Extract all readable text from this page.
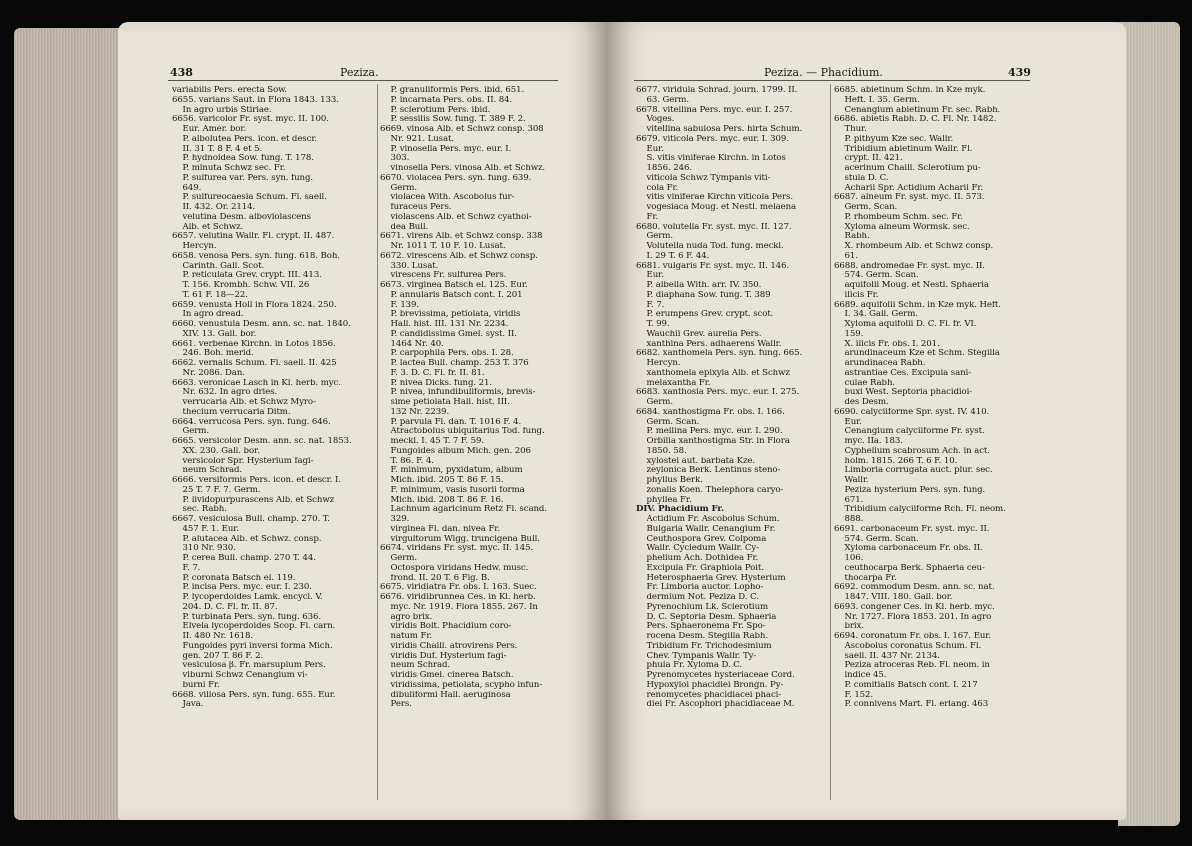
438	Peziza.
variabilis Pers. erecta Sow.
6655. varians Saut. in Flora 1843. 133.
In agro urbis Stiriae.
6656. varicolor Fr. syst. myc. II. 100.
Eur. Amer. bor.
P. albolutea Pers. icon. et descr.
II. 31 T. 8 F. 4 et 5.
P. hydnoidea Sow. fung. T. 178.
P. minuta Schwz sec. Fr.
P. sulfurea var. Pers. syn. fung.
649.
P. sulfureocaesia Schum. Fl. saell.
II. 432. Or. 2114.
velutina Desm. alboviolascens
Alb. et Schwz.
6657. velutina Wallr. Fl. crypt. II. 487.
Hercyn.
6658. venosa Pers. syn. fung. 618. Boh.
Carinth. Gall. Scot.
P. reticulata Grev. crypt. III. 413.
T. 156. Krombh. Schw. VII. 26
T. 61 F. 18—22.
6659. venusta Holl in Flora 1824. 250.
In agro dread.
6660. venustula Desm. ann. sc. nat. 1840.
XIV. 13. Gall. bor.
6661. verbenae Kirchn. in Lotos 1856.
246. Boh. merid.
6662. vernalis Schum. Fl. saell. II. 425
Nr. 2086. Dan.
6663. veronicae Lasch in Kl. herb. myc.
Nr. 632. In agro dries.
verrucaria Alb. et Schwz Myro-
thecium verrucaria Ditm.
6664. verrucosa Pers. syn. fung. 646.
Germ.
6665. versicolor Desm. ann. sc. nat. 1853.
XX. 230. Gall. bor.
versicolor Spr. Hysterium fagi-
neum Schrad.
6666. versiformis Pers. icon. et descr. I.
25 T. 7 F. 7. Germ.
P. lividopurpurascens Alb. et Schwz
sec. Rabh.
6667. vesiculosa Bull. champ. 270. T.
457 F. 1. Eur.
P. alutacea Alb. et Schwz. consp.
310 Nr. 930.
P. cerea Bull. champ. 270 T. 44.
F. 7.
P. coronata Batsch el. 119.
P. incisa Pers. myc. eur. I. 230.
P. lycoperdoides Lamk. encycl. V.
204. D. C. Fl. fr. II. 87.
P. turbinata Pers. syn. fung. 636.
Elvela lycoperdoides Scop. Fl. carn.
II. 480 Nr. 1618.
Fungoides pyri inversi forma Mich.
gen. 207 T. 86 F. 2.
vesiculosa β. Fr. marsupium Pers.
viburni Schwz Cenangium vi-
burni Fr.
6668. villosa Pers. syn. fung. 655. Eur.
Java.
P. granuliformis Pers. ibid. 651.
P. incarnata Pers. obs. II. 84.
P. sclerotium Pers. ibid.
P. sessilis Sow. fung. T. 389 F. 2.
6669. vinosa Alb. et Schwz consp. 308
Nr. 921. Lusat.
P. vinosella Pers. myc. eur. I.
303.
vinosella Pers. vinosa Alb. et Schwz.
6670. violacea Pers. syn. fung. 639.
Germ.
violacea With. Ascobolus fur-
furaceus Pers.
violascens Alb. et Schwz cyathoi-
dea Bull.
6671. virens Alb. et Schwz consp. 338
Nr. 1011 T. 10 F. 10. Lusat.
6672. virescens Alb. et Schwz consp.
330. Lusat.
virescens Fr. sulfurea Pers.
6673. virginea Batsch el. 125. Eur.
P. annularis Batsch cont. I. 201
F. 139.
P. brevissima, petiolata, viridis
Hall. hist. III. 131 Nr. 2234.
P. candidissima Gmel. syst. II.
1464 Nr. 40.
P. carpophila Pers. obs. I. 28.
P. lactea Bull. champ. 253 T. 376
F. 3. D. C. Fl. fr. II. 81.
P. nivea Dicks. fung. 21.
P. nivea, infundibuliformis, brevis-
sime petiolata Hall. hist. III.
132 Nr. 2239.
P. parvula Fl. dan. T. 1016 F. 4.
Atractobolus ubiquitarius Tod. fung.
meckl. I. 45 T. 7 F. 59.
Fungoides album Mich. gen. 206
T. 86. F. 4.
F. minimum, pyxidatum, album
Mich. ibid. 205 T. 86 F. 15.
F. minimum, vasis fusorii forma
Mich. ibid. 208 T. 86 F. 16.
Lachnum agaricinum Retz Fl. scand.
329.
virginea Fl. dan. nivea Fr.
virgultorum Wigg. truncigena Bull.
6674. viridans Fr. syst. myc. II. 145.
Germ.
Octospora viridans Hedw. musc.
frond. II. 20 T. 6 Fig. B.
6675. viridiatra Fr. obs. I. 163. Suec.
6676. viridibrunnea Ces. in Kl. herb.
myc. Nr. 1919. Flora 1855. 267. In
agro brix.
viridis Bolt. Phacidium coro-
natum Fr.
viridis Chaill. atrovirens Pers.
viridis Duf. Hysterium fagi-
neum Schrad.
viridis Gmel. cinerea Batsch.
viridissima, petiolata, scypho infun-
dibuliformi Hall. aeruginosa
Pers.
Peziza. — Phacidium.	439
6677. viridula Schrad. journ. 1799. II.
63. Germ.
6678. vitellina Pers. myc. eur. I. 257.
Voges.
vitellina sabulosa Pers. hirta Schum.
6679. viticola Pers. myc. eur. I. 309.
Eur.
S. vitis viniferae Kirchn. in Lotos
1856. 246.
viticola Schwz Tympanis viti-
cola Fr.
vitis viniferae Kirchn viticola Pers.
vogesiaca Moug. et Nestl. melaena
Fr.
6680. volutella Fr. syst. myc. II. 127.
Germ.
Volutella nuda Tod. fung. meckl.
I. 29 T. 6 F. 44.
6681. vulgaris Fr. syst. myc. II. 146.
Eur.
P. albella With. arr. IV. 350.
P. diaphana Sow. fung. T. 389
F. 7.
P. erumpens Grev. crypt. scot.
T. 99.
Wauchii Grev. aurelia Pers.
xanthina Pers. adhaerens Wallr.
6682. xanthomela Pers. syn. fung. 665.
Hercyn.
xanthomela epixyla Alb. et Schwz
melaxantha Fr.
6683. xanthosia Pers. myc. eur. I. 275.
Germ.
6684. xanthostigma Fr. obs. I. 166.
Germ. Scan.
P. mellina Pers. myc. eur. I. 290.
Orbilia xanthostigma Str. in Flora
1850. 58.
xylostei aut. barbata Kze.
zeylonica Berk. Lentinus steno-
phyllus Berk.
zonalis Koen. Thelephora caryo-
phyllea Fr.
DIV. Phacidium Fr.
Actidium Fr. Ascobolus Schum.
Bulgaria Wallr. Cenangium Fr.
Ceuthospora Grev. Colpoma
Wallr. Cycledum Wallr. Cy-
phelium Ach. Dothidea Fr.
Excipula Fr. Graphiola Poit.
Heterosphaeria Grev. Hysterium
Fr. Limboria auctor. Lopho-
dermium Not. Peziza D. C.
Pyrenochium Lk. Sclerotium
D. C. Septoria Desm. Sphaeria
Pers. Sphaeronema Fr. Spo-
rocena Desm. Stegilla Rabh.
Tribidium Fr. Trichodesmium
Chev. Tympanis Wallr. Ty-
phula Fr. Xyloma D. C.
Pyrenomycetes hysteriaceae Cord.
Hypoxyloi phacidiei Brongn. Py-
renomycetes phacidiacei phaci-
diei Fr. Ascophori phacidiaceae M.
6685. abietinum Schm. in Kze myk.
Heft. I. 35. Germ.
Cenangium abietinum Fr. sec. Rabh.
6686. abietis Rabh. D. C. Fl. Nr. 1482.
Thur.
P. pithyum Kze sec. Wallr.
Tribidium abietinum Wallr. Fl.
crypt. II. 421.
acerinum Chaill. Sclerotium pu-
stula D. C.
Acharii Spr. Actidium Acharii Fr.
6687. alneum Fr. syst. myc. II. 573.
Germ. Scan.
P. rhombeum Schm. sec. Fr.
Xyloma alneum Wormsk. sec.
Rabh.
X. rhombeum Alb. et Schwz consp.
61.
6688. andromedae Fr. syst. myc. II.
574. Germ. Scan.
aquifolii Moug. et Nestl. Sphaeria
ilicis Fr.
6689. aquifolii Schm. in Kze myk. Heft.
I. 34. Gall. Germ.
Xyloma aquifolii D. C. Fl. fr. VI.
159.
X. ilicis Fr. obs. I. 201.
arundinaceum Kze et Schm. Stegilla
arundinacea Rabh.
astrantiae Ces. Excipula sani-
culae Rabh.
buxi West. Septoria phacidioi-
des Desm.
6690. calyciiforme Spr. syst. IV. 410.
Eur.
Cenangium calyciiforme Fr. syst.
myc. IIa. 183.
Cyphelium scabrosum Ach. in act.
holm. 1815. 266 T. 6 F. 10.
Limboria corrugata auct. plur. sec.
Wallr.
Peziza hysterium Pers. syn. fung.
671.
Tribidium calyciiforme Rch. Fl. neom.
888.
6691. carbonaceum Fr. syst. myc. II.
574. Germ. Scan.
Xyloma carbonaceum Fr. obs. II.
106.
ceuthocarpa Berk. Sphaeria ceu-
thocarpa Fr.
6692. commodum Desm. ann. sc. nat.
1847. VIII. 180. Gall. bor.
6693. congener Ces. in Kl. herb. myc.
Nr. 1727. Flora 1853. 201. In agro
brix.
6694. coronatum Fr. obs. I. 167. Eur.
Ascobolus coronatus Schum. Fl.
saell. II. 437 Nr. 2134.
Peziza atroceras Reb. Fl. neom. in
indice 45.
P. comitialis Batsch cont. I. 217
F. 152.
P. connivens Mart. Fl. erlang. 463
